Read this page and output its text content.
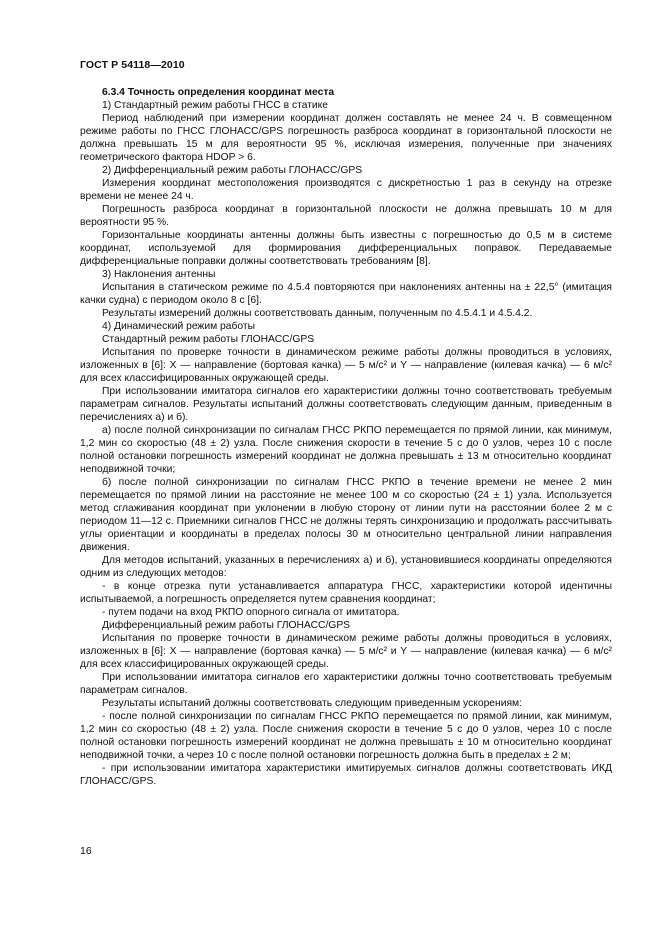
ГОСТ Р 54118—2010

6.3.4 Точность определения координат места

1) Стандартный режим работы ГНСС в статике

Период наблюдений при измерении координат должен составлять не менее 24 ч. В совмещенном режиме работы по ГНСС ГЛОНАСС/GPS погрешность разброса координат в горизонтальной плоскости не должна превышать 15 м для вероятности 95 %, исключая измерения, полученные при значениях геометрического фактора HDOP > 6.

2) Дифференциальный режим работы ГЛОНАСС/GPS

Измерения координат местоположения производятся с дискретностью 1 раз в секунду на отрезке времени не менее 24 ч.

Погрешность разброса координат в горизонтальной плоскости не должна превышать 10 м для вероятности 95 %.

Горизонтальные координаты антенны должны быть известны с погрешностью до 0,5 м в системе координат, используемой для формирования дифференциальных поправок. Передаваемые дифференциальные поправки должны соответствовать требованиям [8].

3) Наклонения антенны

Испытания в статическом режиме по 4.5.4 повторяются при наклонениях антенны на ± 22,5° (имитация качки судна) с периодом около 8 с [6].

Результаты измерений должны соответствовать данным, полученным по 4.5.4.1 и 4.5.4.2.

4) Динамический режим работы

Стандартный режим работы ГЛОНАСС/GPS

Испытания по проверке точности в динамическом режиме работы должны проводиться в условиях, изложенных в [6]: X — направление (бортовая качка) — 5 м/с² и Y — направление (килевая качка) — 6 м/с² для всех классифицированных окружающей среды.

При использовании имитатора сигналов его характеристики должны точно соответствовать требуемым параметрам сигналов. Результаты испытаний должны соответствовать следующим данным, приведенным в перечислениях а) и б).

а) после полной синхронизации по сигналам ГНСС РКПО перемещается по прямой линии, как минимум, 1,2 мин со скоростью (48 ± 2) узла. После снижения скорости в течение 5 с до 0 узлов, через 10 с после полной остановки погрешность измерений координат не должна превышать ± 13 м относительно координат неподвижной точки;

б) после полной синхронизации по сигналам ГНСС РКПО в течение времени не менее 2 мин перемещается по прямой линии на расстояние не менее 100 м со скоростью (24 ± 1) узла. Используется метод сглаживания координат при уклонении в любую сторону от линии пути на расстоянии более 2 м с периодом 11—12 с. Приемники сигналов ГНСС не должны терять синхронизацию и продолжать рассчитывать углы ориентации и координаты в пределах полосы 30 м относительно центральной линии направления движения.

Для методов испытаний, указанных в перечислениях а) и б), установившиеся координаты определяются одним из следующих методов:

- в конце отрезка пути устанавливается аппаратура ГНСС, характеристики которой идентичны испытываемой, а погрешность определяется путем сравнения координат;

- путем подачи на вход РКПО опорного сигнала от имитатора.

Дифференциальный режим работы ГЛОНАСС/GPS

Испытания по проверке точности в динамическом режиме работы должны проводиться в условиях, изложенных в [6]: X — направление (бортовая качка) — 5 м/с² и Y — направление (килевая качка) — 6 м/с² для всех классифицированных окружающей среды.

При использовании имитатора сигналов его характеристики должны точно соответствовать требуемым параметрам сигналов.

Результаты испытаний должны соответствовать следующим приведенным ускорениям:

- после полной синхронизации по сигналам ГНСС РКПО перемещается по прямой линии, как минимум, 1,2 мин со скоростью (48 ± 2) узла. После снижения скорости в течение 5 с до 0 узлов, через 10 с после полной остановки погрешность измерений координат не должна превышать ± 10 м относительно координат неподвижной точки, а через 10 с после полной остановки погрешность должна быть в пределах ± 2 м;

- при использовании имитатора характеристики имитируемых сигналов должны соответствовать ИКД ГЛОНАСС/GPS.

16
